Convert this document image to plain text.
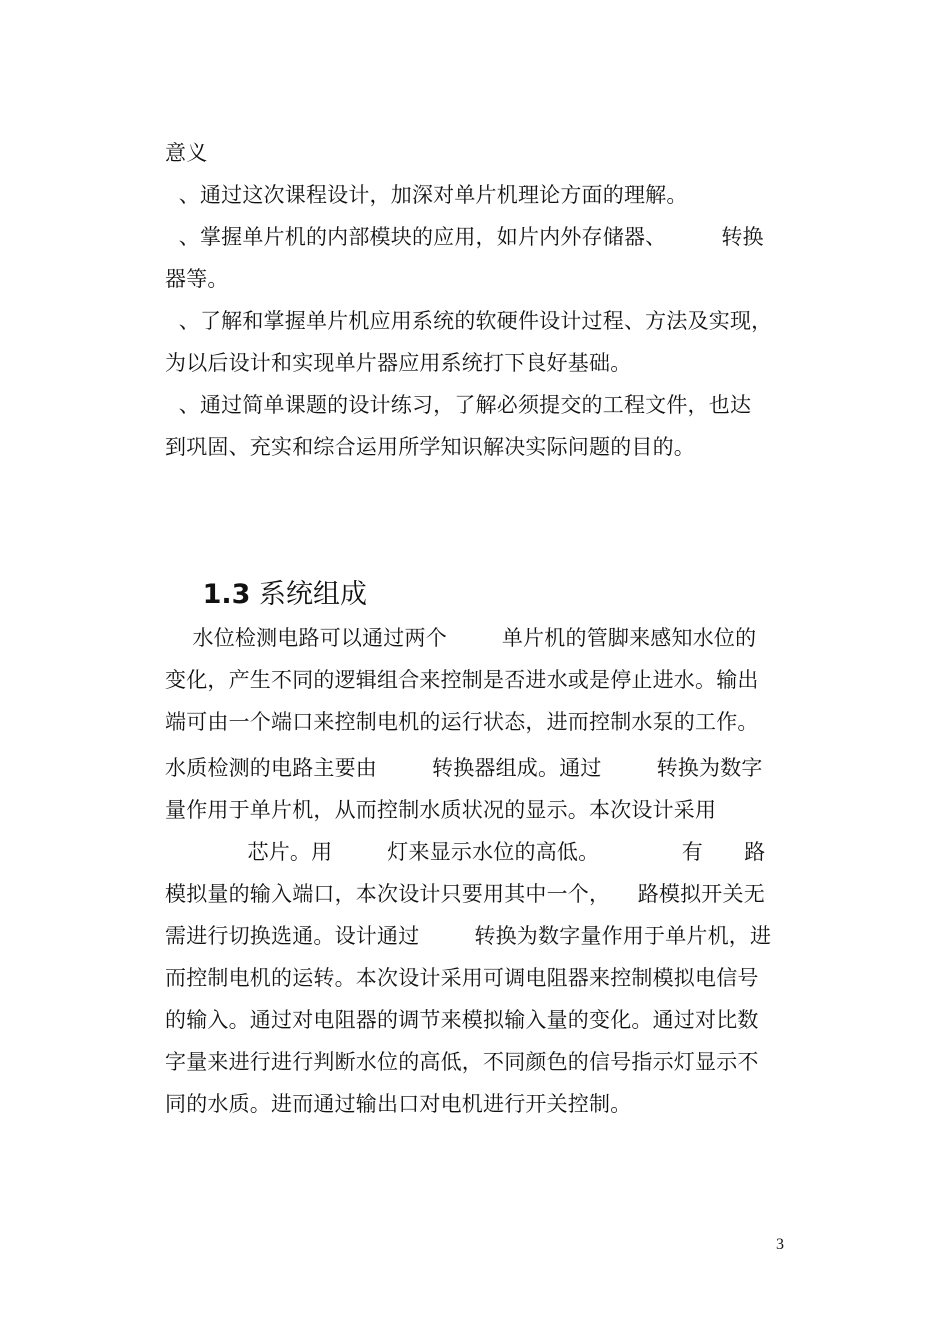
意义
、通过这次课程设计，加深对单片机理论方面的理解。
、掌握单片机的内部模块的应用，如片内外存储器、        转换
器等。
、了解和掌握单片机应用系统的软硬件设计过程、方法及实现，
为以后设计和实现单片器应用系统打下良好基础。
、通过简单课题的设计练习，了解必须提交的工程文件，也达
到巩固、充实和综合运用所学知识解决实际问题的目的。

1.3 系统组成

水位检测电路可以通过两个        单片机的管脚来感知水位的
变化，产生不同的逻辑组合来控制是否进水或是停止进水。输出
端可由一个端口来控制电机的运行状态，进而控制水泵的工作。
水质检测的电路主要由        转换器组成。通过        转换为数字
量作用于单片机，从而控制水质状况的显示。本次设计采用
芯片。用        灯来显示水位的高低。            有      路
模拟量的输入端口，本次设计只要用其中一个，    路模拟开关无
需进行切换选通。设计通过        转换为数字量作用于单片机，进
而控制电机的运转。本次设计采用可调电阻器来控制模拟电信号
的输入。通过对电阻器的调节来模拟输入量的变化。通过对比数
字量来进行进行判断水位的高低，不同颜色的信号指示灯显示不
同的水质。进而通过输出口对电机进行开关控制。
3
